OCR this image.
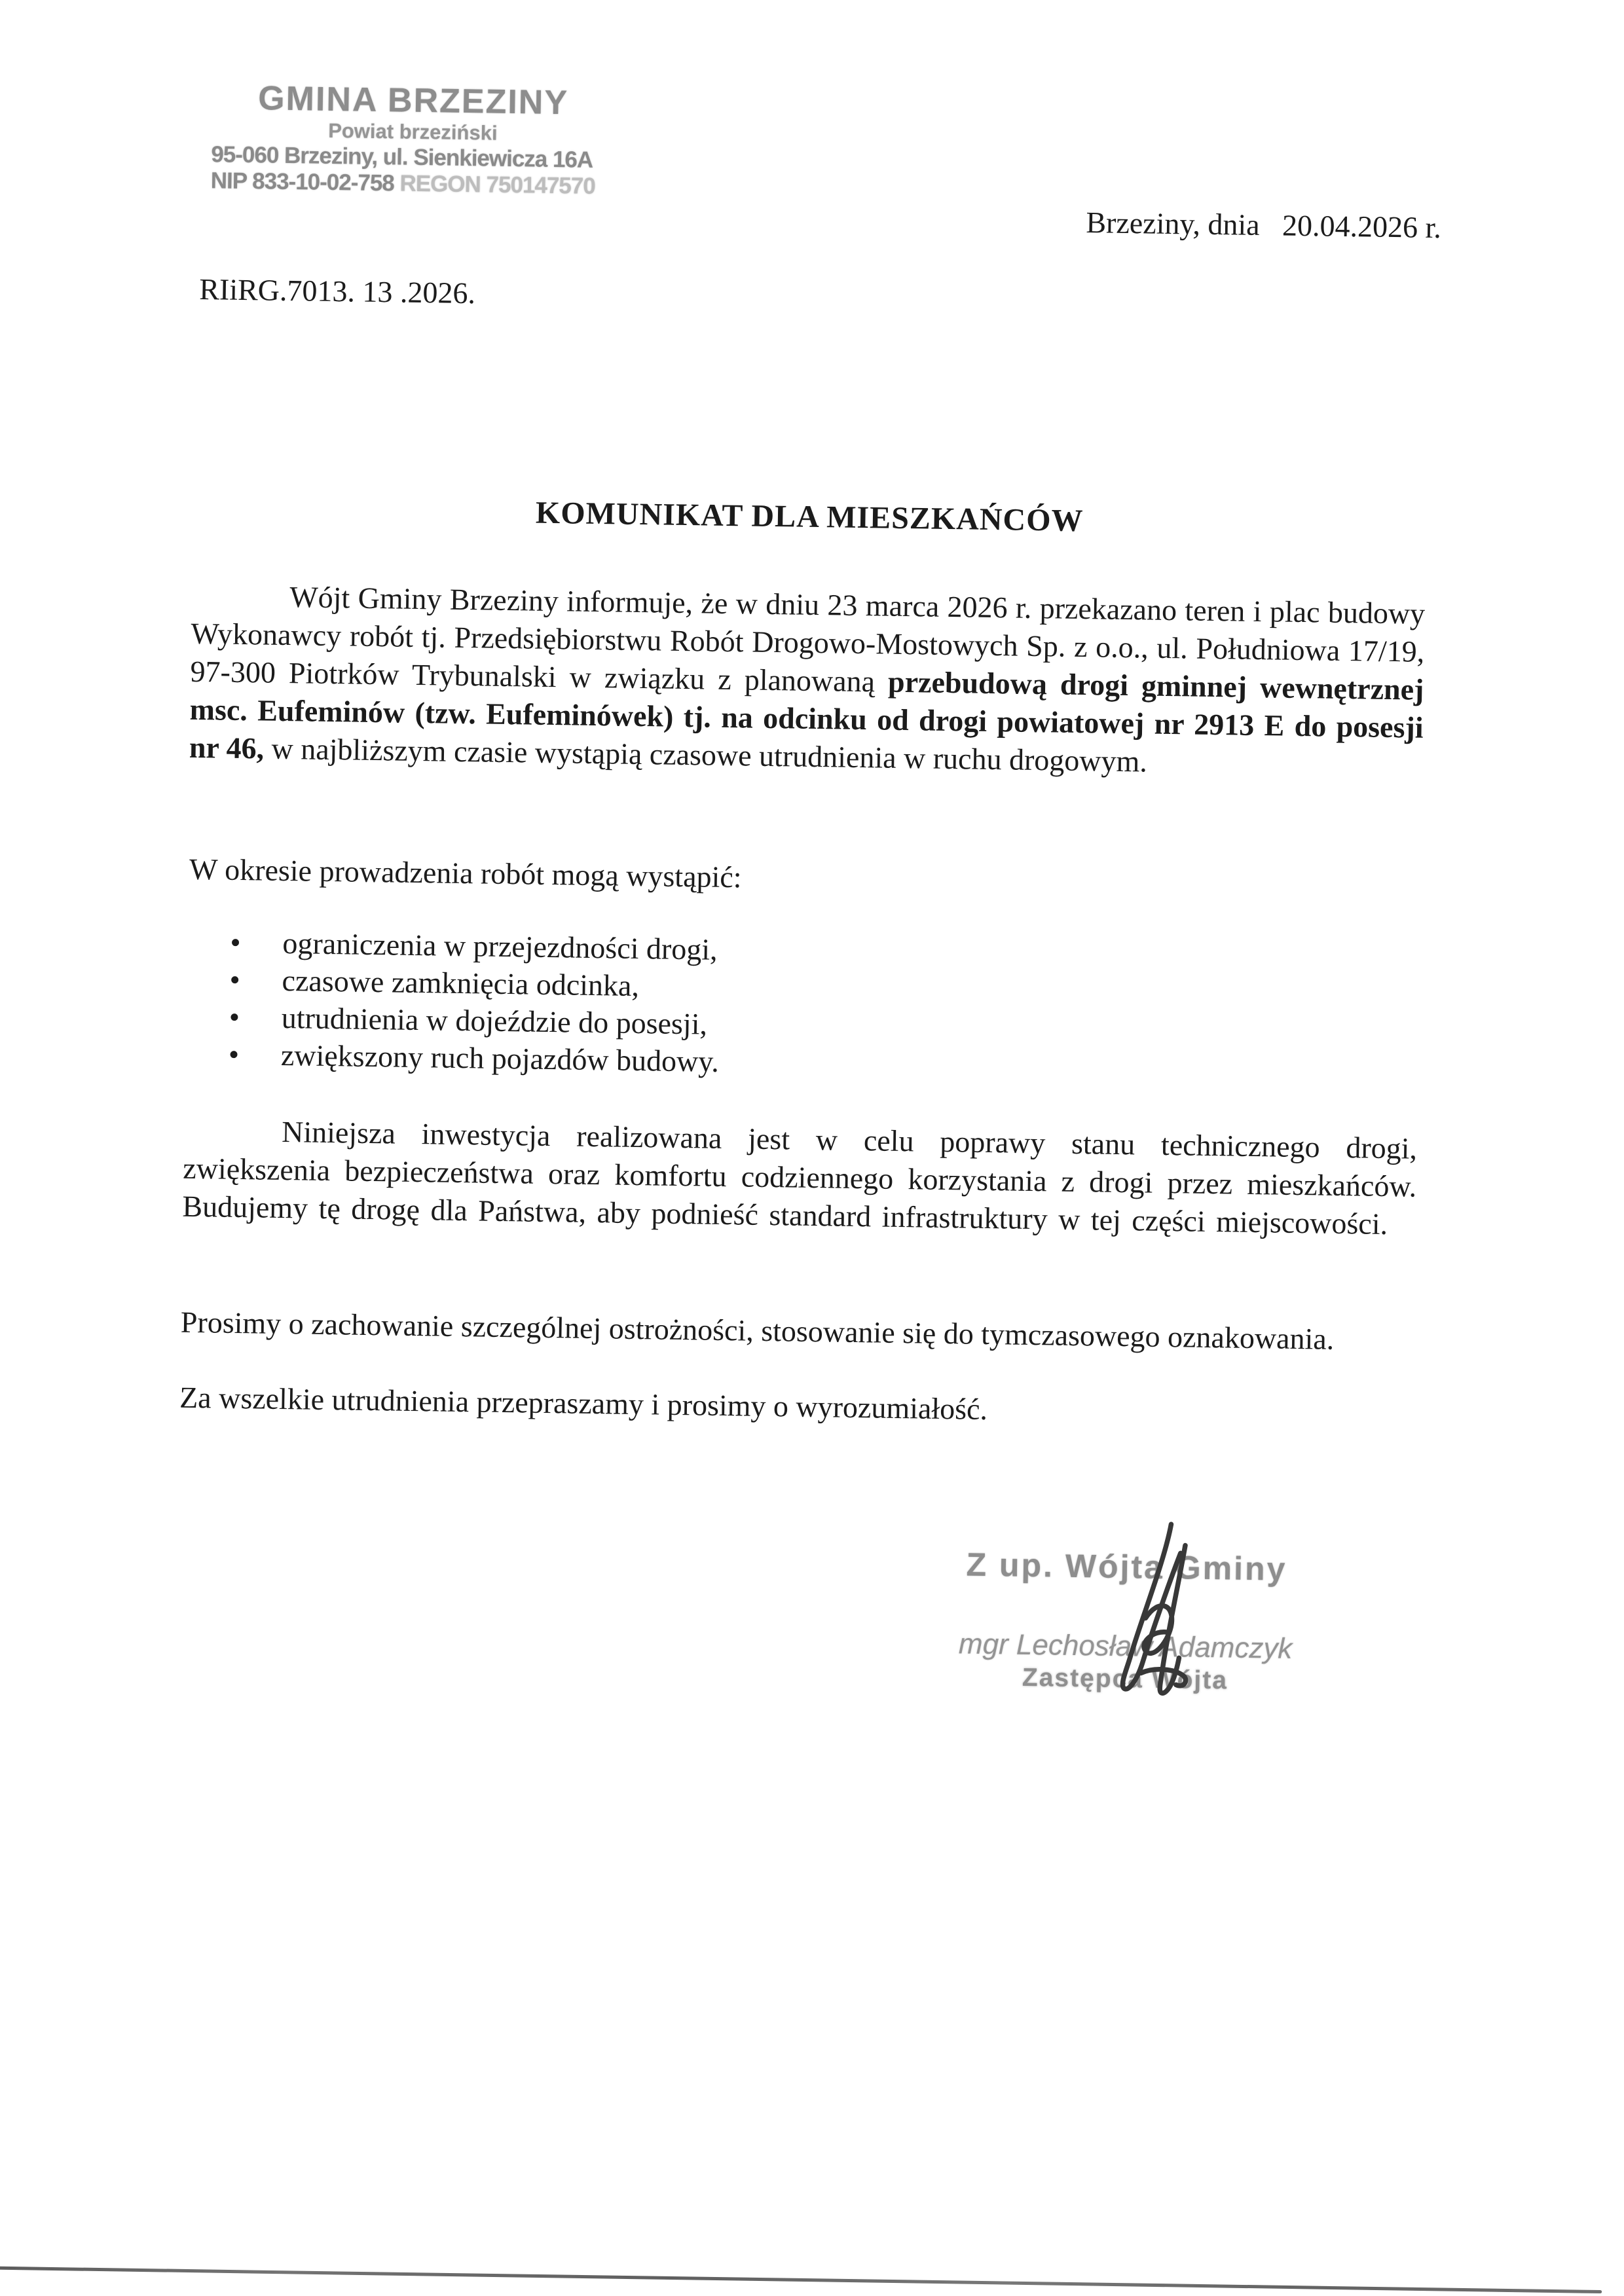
GMINA BRZEZINY
Powiat brzeziński
95-060 Brzeziny, ul. Sienkiewicza 16A
NIP 833-10-02-758 REGON 750147570
Brzeziny, dnia   20.04.2026 r.
RIiRG.7013. 13 .2026.
KOMUNIKAT DLA MIESZKAŃCÓW
Wójt Gminy Brzeziny informuje, że w dniu 23 marca 2026 r. przekazano teren i plac budowy Wykonawcy robót tj. Przedsiębiorstwu Robót Drogowo-Mostowych Sp. z o.o., ul. Południowa 17/19, 97-300 Piotrków Trybunalski w związku z planowaną przebudową drogi gminnej wewnętrznej msc. Eufeminów (tzw. Eufeminówek) tj. na odcinku od drogi powiatowej nr 2913 E do posesji nr 46, w najbliższym czasie wystąpią czasowe utrudnienia w ruchu drogowym.
W okresie prowadzenia robót mogą wystąpić:
• ograniczenia w przejezdności drogi,
• czasowe zamknięcia odcinka,
• utrudnienia w dojeździe do posesji,
• zwiększony ruch pojazdów budowy.
Niniejsza inwestycja realizowana jest w celu poprawy stanu technicznego drogi, zwiększenia bezpieczeństwa oraz komfortu codziennego korzystania z drogi przez mieszkańców. Budujemy tę drogę dla Państwa, aby podnieść standard infrastruktury w tej części miejscowości.
Prosimy o zachowanie szczególnej ostrożności, stosowanie się do tymczasowego oznakowania.
Za wszelkie utrudnienia przepraszamy i prosimy o wyrozumiałość.
Z up. Wójta Gminy
mgr Lechosław Adamczyk
Zastępca Wójta
